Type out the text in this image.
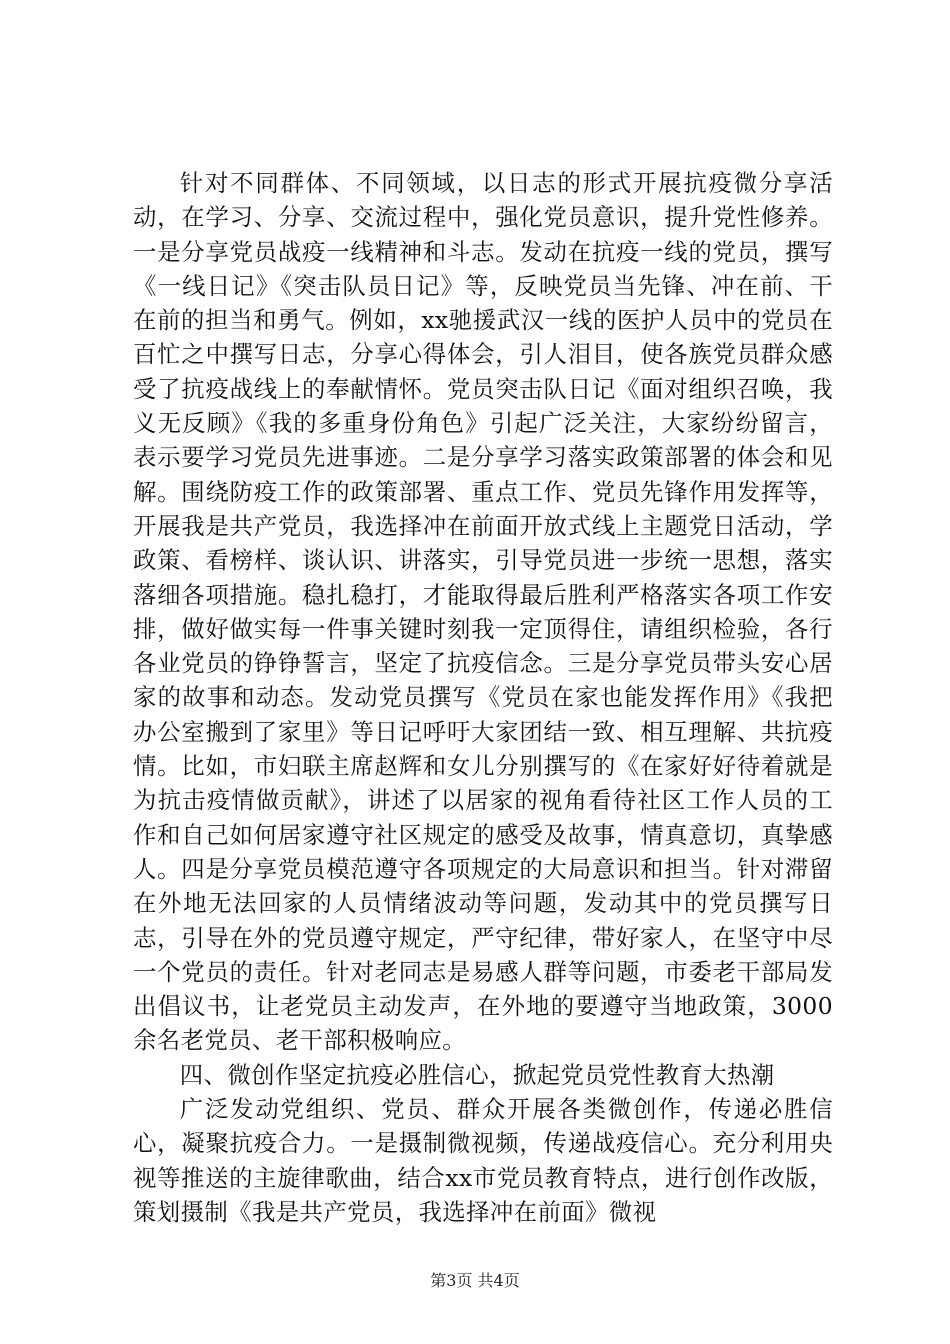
针对不同群体、不同领域，以日志的形式开展抗疫微分享活动，在学习、分享、交流过程中，强化党员意识，提升党性修养。一是分享党员战疫一线精神和斗志。发动在抗疫一线的党员，撰写《一线日记》《突击队员日记》等，反映党员当先锋、冲在前、干在前的担当和勇气。例如，xx驰援武汉一线的医护人员中的党员在百忙之中撰写日志，分享心得体会，引人泪目，使各族党员群众感受了抗疫战线上的奉献情怀。党员突击队日记《面对组织召唤，我义无反顾》《我的多重身份角色》引起广泛关注，大家纷纷留言，表示要学习党员先进事迹。二是分享学习落实政策部署的体会和见解。围绕防疫工作的政策部署、重点工作、党员先锋作用发挥等，开展我是共产党员，我选择冲在前面开放式线上主题党日活动，学政策、看榜样、谈认识、讲落实，引导党员进一步统一思想，落实落细各项措施。稳扎稳打，才能取得最后胜利严格落实各项工作安排，做好做实每一件事关键时刻我一定顶得住，请组织检验，各行各业党员的铮铮誓言，坚定了抗疫信念。三是分享党员带头安心居家的故事和动态。发动党员撰写《党员在家也能发挥作用》《我把办公室搬到了家里》等日记呼吁大家团结一致、相互理解、共抗疫情。比如，市妇联主席赵辉和女儿分别撰写的《在家好好待着就是为抗击疫情做贡献》，讲述了以居家的视角看待社区工作人员的工作和自己如何居家遵守社区规定的感受及故事，情真意切，真挚感人。四是分享党员模范遵守各项规定的大局意识和担当。针对滞留在外地无法回家的人员情绪波动等问题，发动其中的党员撰写日志，引导在外的党员遵守规定，严守纪律，带好家人，在坚守中尽一个党员的责任。针对老同志是易感人群等问题，市委老干部局发出倡议书，让老党员主动发声，在外地的要遵守当地政策，3000余名老党员、老干部积极响应。

四、微创作坚定抗疫必胜信心，掀起党员党性教育大热潮

广泛发动党组织、党员、群众开展各类微创作，传递必胜信心，凝聚抗疫合力。一是摄制微视频，传递战疫信心。充分利用央视等推送的主旋律歌曲，结合xx市党员教育特点，进行创作改版，策划摄制《我是共产党员，我选择冲在前面》微视

第3页 共4页
